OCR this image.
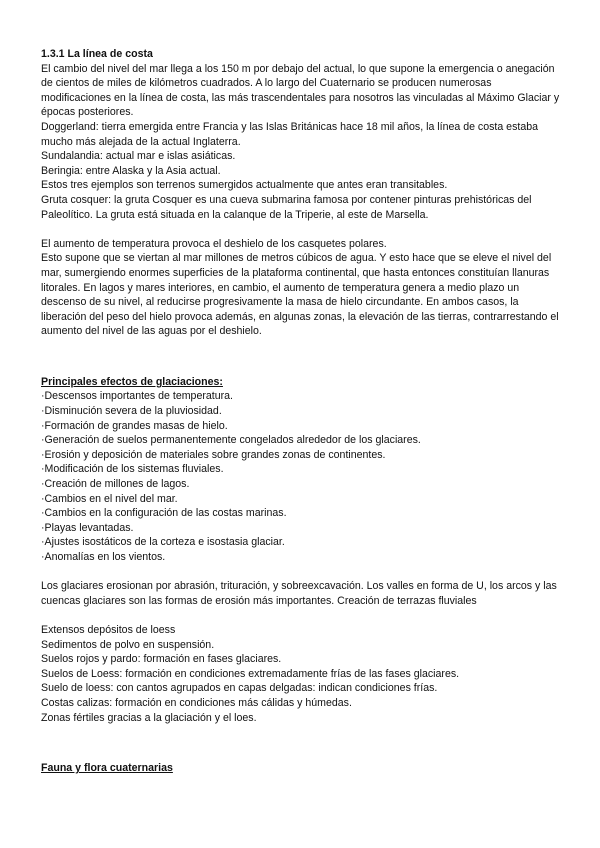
1.3.1 La línea de costa

El cambio del nivel del mar llega a los 150 m por debajo del actual, lo que supone la emergencia o anegación de cientos de miles de kilómetros cuadrados. A lo largo del Cuaternario se producen numerosas modificaciones en la línea de costa, las más trascendentales para nosotros las vinculadas al Máximo Glaciar y épocas posteriores.

Doggerland: tierra emergida entre Francia y las Islas Británicas hace 18 mil años, la línea de costa estaba mucho más alejada de la actual Inglaterra.

Sundalandia: actual mar e islas asiáticas.

Beringia: entre Alaska y la Asia actual.

Estos tres ejemplos son terrenos sumergidos actualmente que antes eran transitables.

Gruta cosquer: la gruta Cosquer es una cueva submarina famosa por contener pinturas prehistóricas del Paleolítico. La gruta está situada en la calanque de la Triperie, al este de Marsella.

El aumento de temperatura provoca el deshielo de los casquetes polares.

Esto supone que se viertan al mar millones de metros cúbicos de agua. Y esto hace que se eleve el nivel del mar, sumergiendo enormes superficies de la plataforma continental, que hasta entonces constituían llanuras litorales. En lagos y mares interiores, en cambio, el aumento de temperatura genera a medio plazo un descenso de su nivel, al reducirse progresivamente la masa de hielo circundante. En ambos casos, la liberación del peso del hielo provoca además, en algunas zonas, la elevación de las tierras, contrarrestando el aumento del nivel de las aguas por el deshielo.

Principales efectos de glaciaciones:

·Descensos importantes de temperatura.
·Disminución severa de la pluviosidad.
·Formación de grandes masas de hielo.
·Generación de suelos permanentemente congelados alrededor de los glaciares.
·Erosión y deposición de materiales sobre grandes zonas de continentes.
·Modificación de los sistemas fluviales.
·Creación de millones de lagos.
·Cambios en el nivel del mar.
·Cambios en la configuración de las costas marinas.
·Playas levantadas.
·Ajustes isostáticos de la corteza e isostasia glaciar.
·Anomalías en los vientos.

Los glaciares erosionan por abrasión, trituración, y sobreexcavación. Los valles en forma de U, los arcos y las cuencas glaciares son las formas de erosión más importantes. Creación de terrazas fluviales

Extensos depósitos de loess

Sedimentos de polvo en suspensión.

Suelos rojos y pardo: formación en fases glaciares.

Suelos de Loess: formación en condiciones extremadamente frías de las fases glaciares.

Suelo de loess: con cantos agrupados en capas delgadas: indican condiciones frías.

Costas calizas: formación en condiciones más cálidas y húmedas.

Zonas fértiles gracias a la glaciación y el loes.

Fauna y flora cuaternarias
